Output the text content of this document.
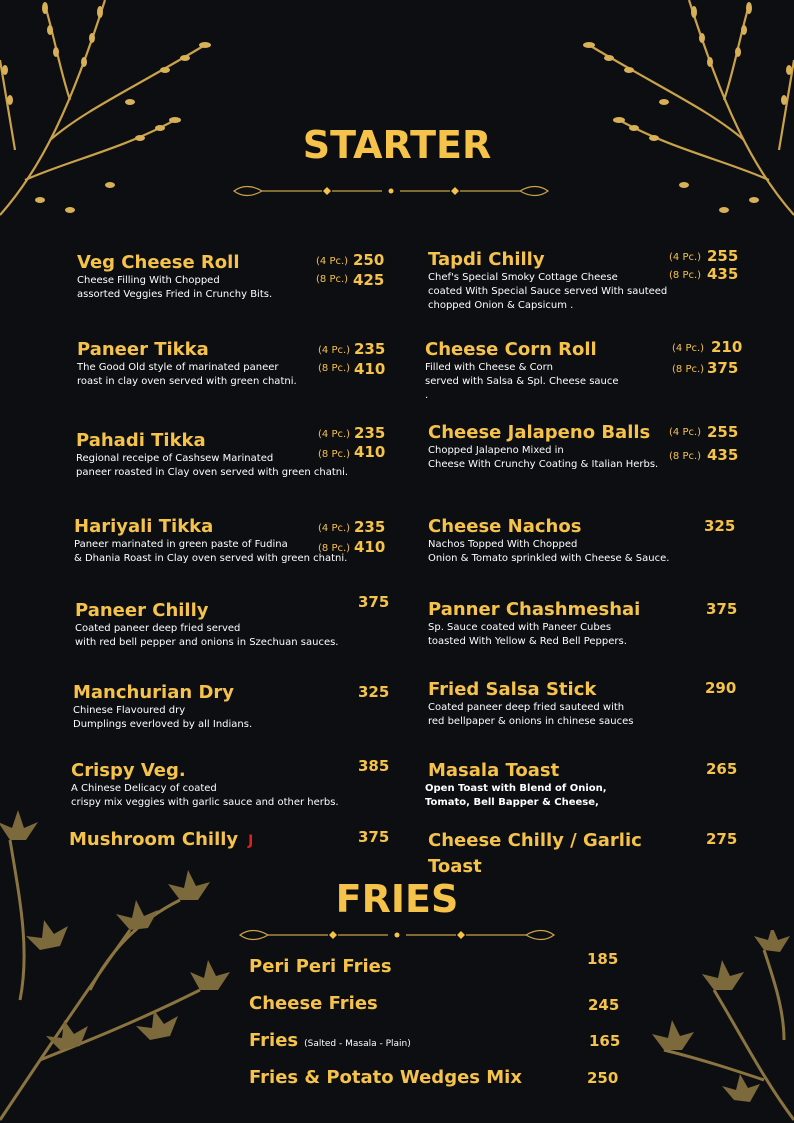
STARTER
Veg Cheese Roll
Cheese Filling With Chopped
assorted Veggies Fried in Crunchy Bits.
(4 Pc.) 250
(8 Pc.) 425
Paneer Tikka
The Good Old style of marinated paneer
roast in clay oven served with green chatni.
(4 Pc.) 235
(8 Pc.) 410
Pahadi Tikka
Regional receipe of Cashsew Marinated
paneer roasted in Clay oven served with green chatni.
(4 Pc.) 235
(8 Pc.) 410
Hariyali Tikka
Paneer marinated in green paste of Fudina
& Dhania Roast in Clay oven served with green chatni.
(4 Pc.) 235
(8 Pc.) 410
Paneer Chilly
Coated paneer deep fried served
with red bell pepper and onions in Szechuan sauces.
375
Manchurian Dry
Chinese Flavoured dry
Dumplings everloved by all Indians.
325
Crispy Veg.
A Chinese Delicacy of coated
crispy mix veggies with garlic sauce and other herbs.
385
Mushroom Chilly J	375
Tapdi Chilly
Chef's Special Smoky Cottage Cheese
coated With Special Sauce served With sauteed
chopped Onion & Capsicum .
(4 Pc.) 255
(8 Pc.) 435
Cheese Corn Roll
Filled with Cheese & Corn
served with Salsa & Spl. Cheese sauce
.
(4 Pc.) 210
(8 Pc.) 375
Cheese Jalapeno Balls
Chopped Jalapeno Mixed in
Cheese With Crunchy Coating & Italian Herbs.
(4 Pc.) 255
(8 Pc.) 435
Cheese Nachos
Nachos Topped With Chopped
Onion & Tomato sprinkled with Cheese & Sauce.
325
Panner Chashmeshai
Sp. Sauce coated with Paneer Cubes
toasted With Yellow & Red Bell Peppers.
375
Fried Salsa Stick
Coated paneer deep fried sauteed with
red bellpaper & onions in chinese sauces
290
Masala Toast
Open Toast with Blend of Onion,
Tomato, Bell Bapper & Cheese,
265
Cheese Chilly / Garlic
Toast
275
FRIES
Peri Peri Fries	185
Cheese Fries	245
Fries (Salted - Masala - Plain)	165
Fries & Potato Wedges Mix	250
